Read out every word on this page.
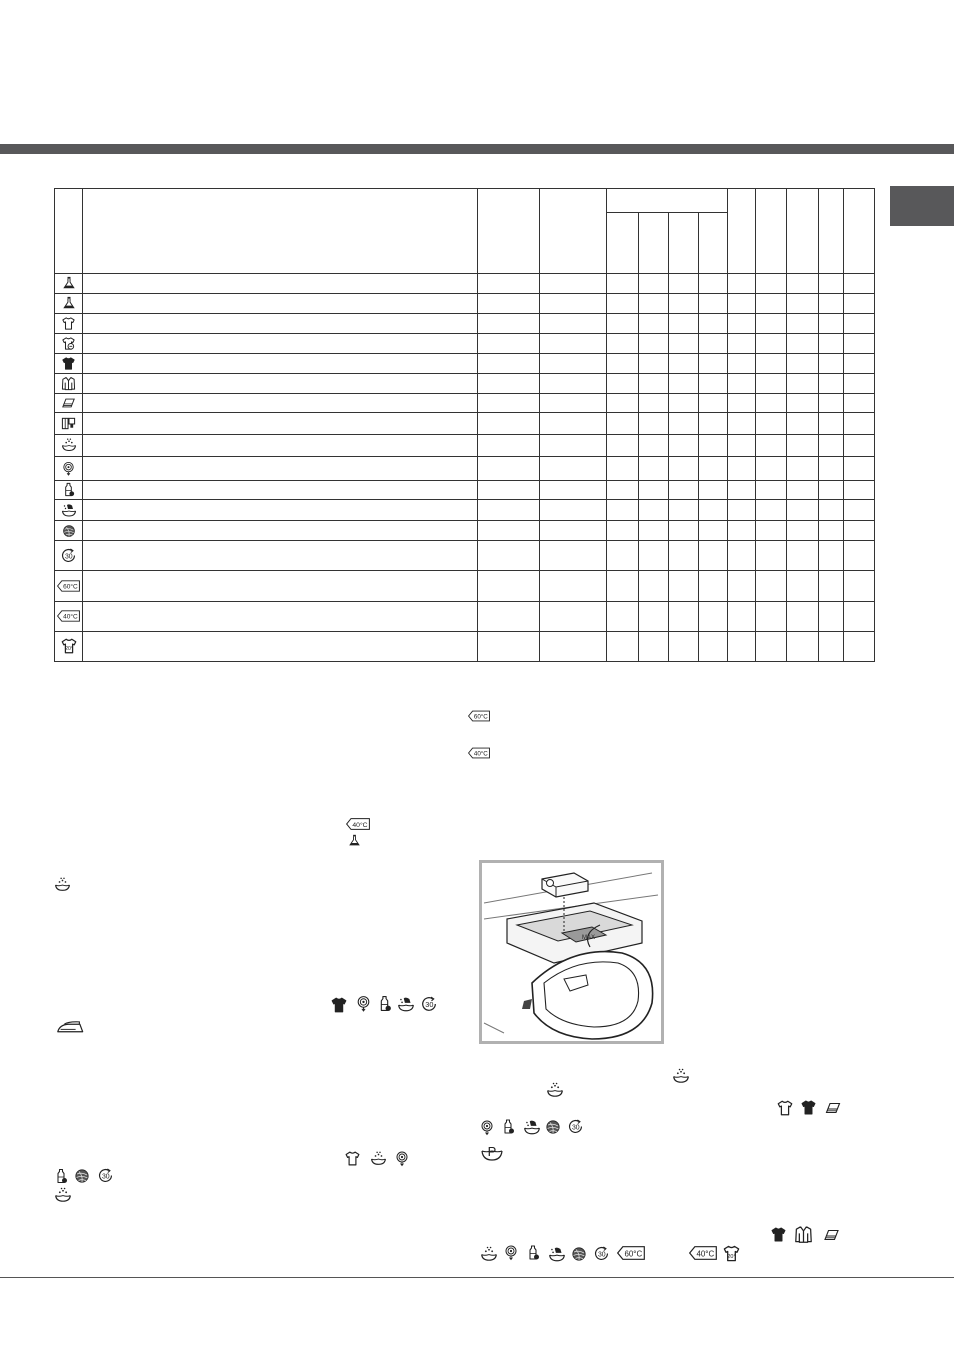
60°C												

40°C												

40°C
60°C
40°C
MAX
P
60°C	40°C
